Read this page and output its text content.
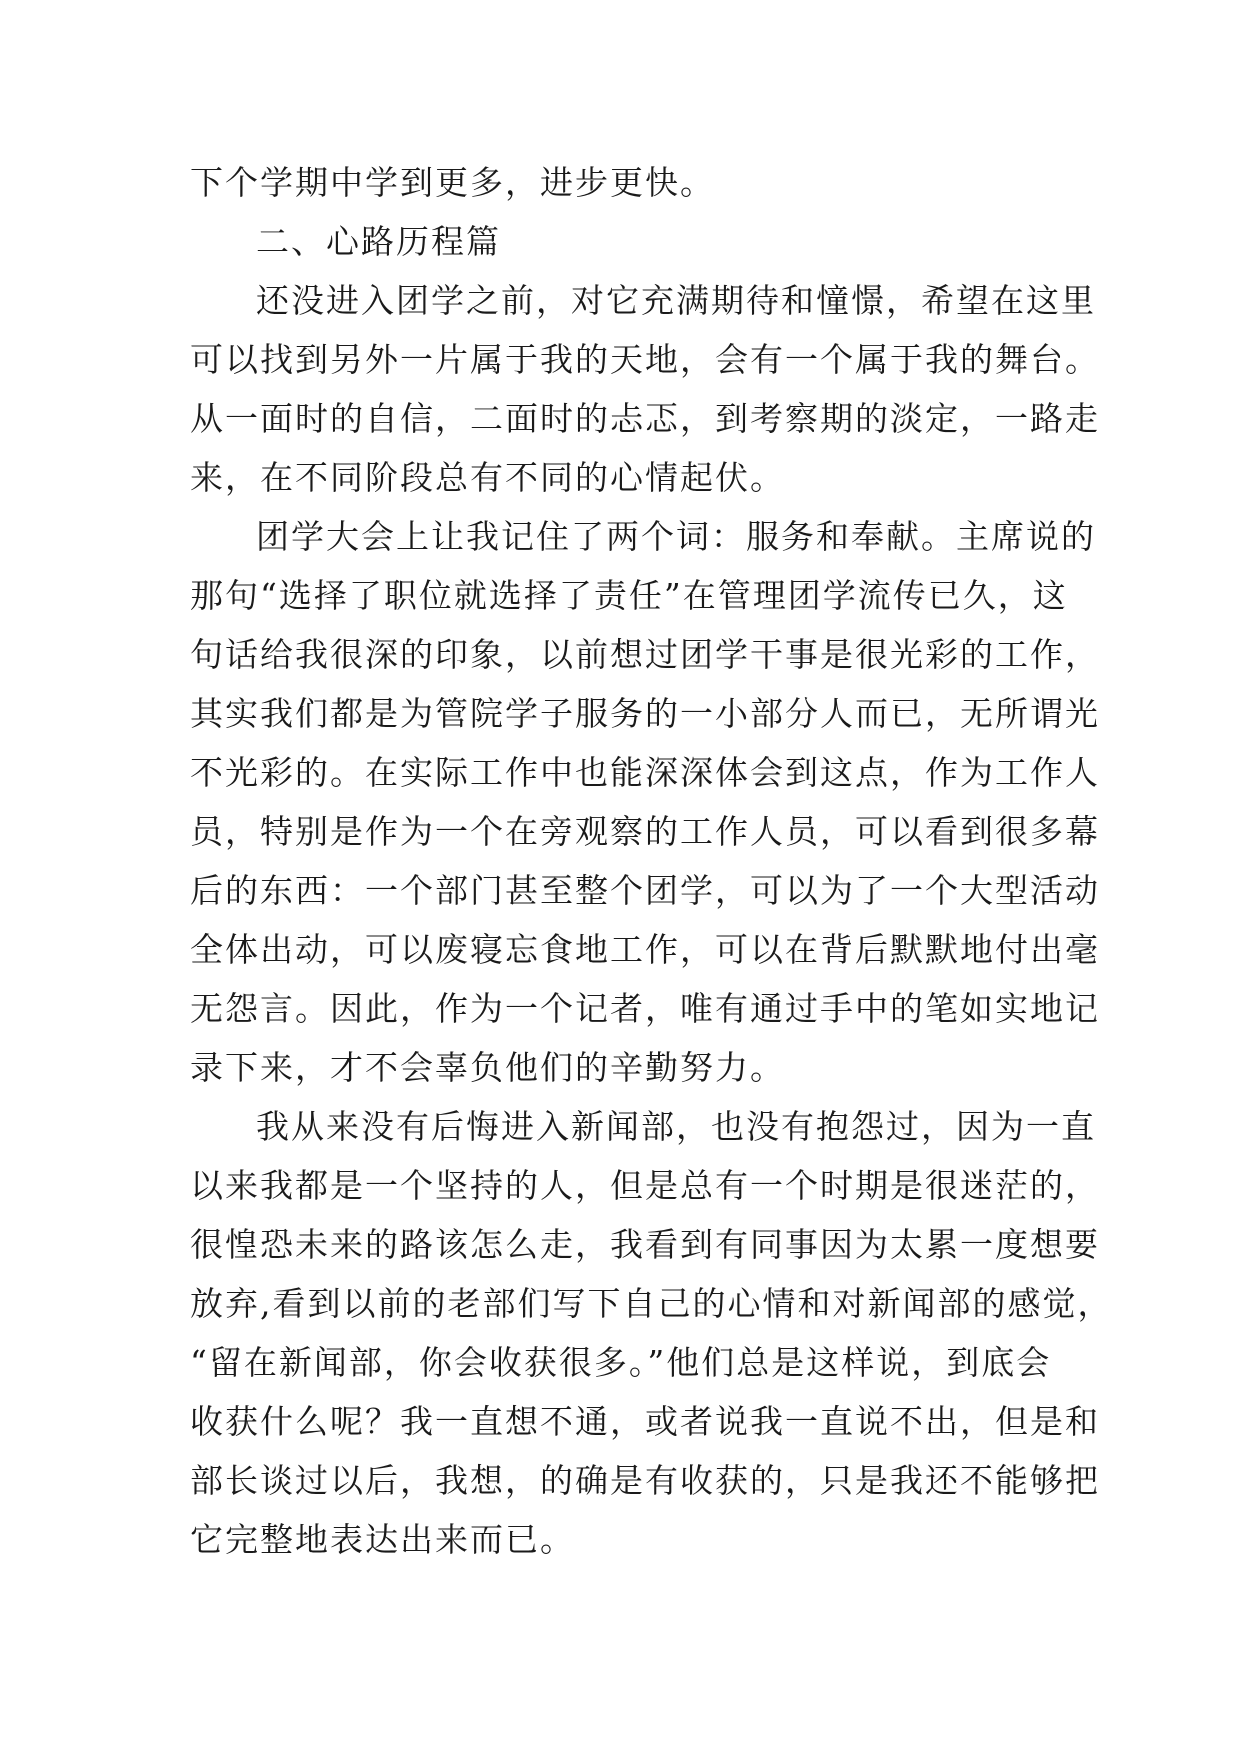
下个学期中学到更多，进步更快。
二、心路历程篇
还没进入团学之前，对它充满期待和憧憬，希望在这里
可以找到另外一片属于我的天地，会有一个属于我的舞台。
从一面时的自信，二面时的忐忑，到考察期的淡定，一路走
来，在不同阶段总有不同的心情起伏。
团学大会上让我记住了两个词：服务和奉献。主席说的
那句“选择了职位就选择了责任”在管理团学流传已久，这
句话给我很深的印象，以前想过团学干事是很光彩的工作，
其实我们都是为管院学子服务的一小部分人而已，无所谓光
不光彩的。在实际工作中也能深深体会到这点，作为工作人
员，特别是作为一个在旁观察的工作人员，可以看到很多幕
后的东西：一个部门甚至整个团学，可以为了一个大型活动
全体出动，可以废寝忘食地工作，可以在背后默默地付出毫
无怨言。因此，作为一个记者，唯有通过手中的笔如实地记
录下来，才不会辜负他们的辛勤努力。
我从来没有后悔进入新闻部，也没有抱怨过，因为一直
以来我都是一个坚持的人，但是总有一个时期是很迷茫的，
很惶恐未来的路该怎么走，我看到有同事因为太累一度想要
放弃,看到以前的老部们写下自己的心情和对新闻部的感觉，
“留在新闻部，你会收获很多。”他们总是这样说，到底会
收获什么呢？我一直想不通，或者说我一直说不出，但是和
部长谈过以后，我想，的确是有收获的，只是我还不能够把
它完整地表达出来而已。
